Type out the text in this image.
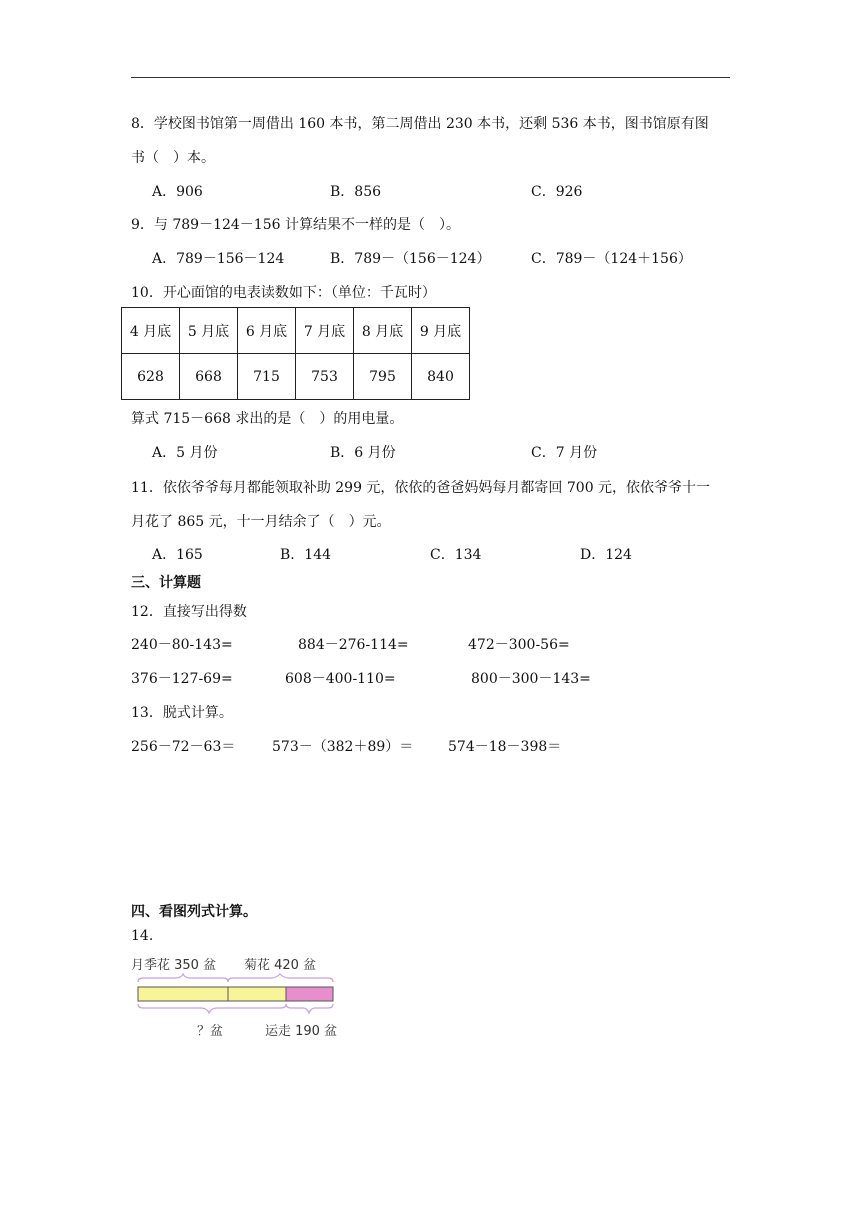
8．学校图书馆第一周借出 160 本书，第二周借出 230 本书，还剩 536 本书，图书馆原有图
书（　）本。
A．906	B．856	C．926
9．与 789－124－156 计算结果不一样的是（　）。
A．789－156－124	B．789－（156－124）	C．789－（124＋156）
10．开心面馆的电表读数如下：（单位：千瓦时）
4 月底	5 月底	6 月底	7 月底	8 月底	9 月底
628	668	715	753	795	840
算式 715－668 求出的是（　）的用电量。
A．5 月份	B．6 月份	C．7 月份
11．依依爷爷每月都能领取补助 299 元，依依的爸爸妈妈每月都寄回 700 元，依依爷爷十一
月花了 865 元，十一月结余了（　）元。
A．165	B．144	C．134	D．124
三、计算题
12．直接写出得数
240－80-143=	884－276-114=	472－300-56=
376－127-69=	608－400-110=	800－300－143=
13．脱式计算。
256－72－63＝	573－（382＋89）＝ 574－18－398＝
四、看图列式计算。
14.
月季花 350 盆 菊花 420 盆
？盆	运走 190 盆
